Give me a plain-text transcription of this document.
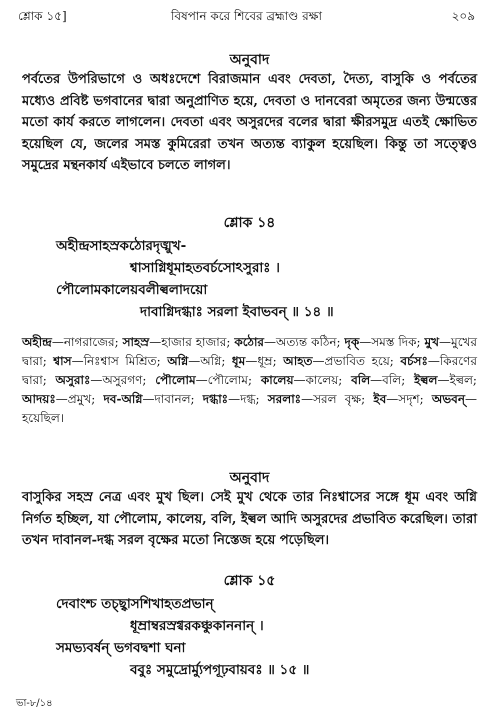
শ্লোক ১৫]	বিষপান করে শিবের ব্রহ্মাণ্ড রক্ষা	২০৯
অনুবাদ
পর্বতের উপরিভাগে ও অধঃদেশে বিরাজমান এবং দেবতা, দৈত্য, বাসুকি ও পর্বতের মধ্যেও প্রবিষ্ট ভগবানের দ্বারা অনুপ্রাণিত হয়ে, দেবতা ও দানবেরা অমৃতের জন্য উন্মত্তের মতো কার্য করতে লাগলেন। দেবতা এবং অসুরদের বলের দ্বারা ক্ষীরসমুদ্র এতই ক্ষোভিত হয়েছিল যে, জলের সমস্ত কুমিরেরা তখন অত্যন্ত ব্যাকুল হয়েছিল। কিন্তু তা সত্ত্বেও সমুদ্রের মন্থনকার্য এইভাবে চলতে লাগল।
শ্লোক ১৪
অহীন্দ্রসাহস্রকঠোরদৃঙ্মুখ-
শ্বাসাগ্নিধূমাহতবর্চসোঽসুরাঃ ।
পৌলোমকালেয়বলীল্বলাদয়ো
দাবাগ্নিদগ্ধাঃ সরলা ইবাভবন্ ॥ ১৪ ॥
অহীন্দ্র—নাগরাজের; সাহস্র—হাজার হাজার; কঠোর—অত্যন্ত কঠিন; দৃক্—সমস্ত দিক; মুখ—মুখের দ্বারা; শ্বাস—নিঃশ্বাস মিশ্রিত; অগ্নি—অগ্নি; ধূম—ধূম্র; আহত—প্রভাবিত হয়ে; বর্চসঃ—কিরণের দ্বারা; অসুরাঃ—অসুরগণ; পৌলোম—পৌলোম; কালেয়—কালেয়; বলি—বলি; ইল্বল—ইল্বল; আদয়ঃ—প্রমুখ; দব-অগ্নি—দাবানল; দগ্ধাঃ—দগ্ধ; সরলাঃ—সরল বৃক্ষ; ইব—সদৃশ; অভবন্—হয়েছিল।
অনুবাদ
বাসুকির সহস্র নেত্র এবং মুখ ছিল। সেই মুখ থেকে তার নিঃশ্বাসের সঙ্গে ধূম এবং অগ্নি নির্গত হচ্ছিল, যা পৌলোম, কালেয়, বলি, ইল্বল আদি অসুরদের প্রভাবিত করেছিল। তারা তখন দাবানল-দগ্ধ সরল বৃক্ষের মতো নিস্তেজ হয়ে পড়েছিল।
শ্লোক ১৫
দেবাংশ্চ তচ্ছ্বাসশিখাহতপ্রভান্
ধূম্রাম্বরস্রগ্বরকঞ্চুকাননান্ ।
সমভ্যবর্ষন্ ভগবদ্বশা ঘনা
ববুঃ সমুদ্রোর্ম্যুপগূঢ়বায়বঃ ॥ ১৫ ॥
ভা-৮/১৪
